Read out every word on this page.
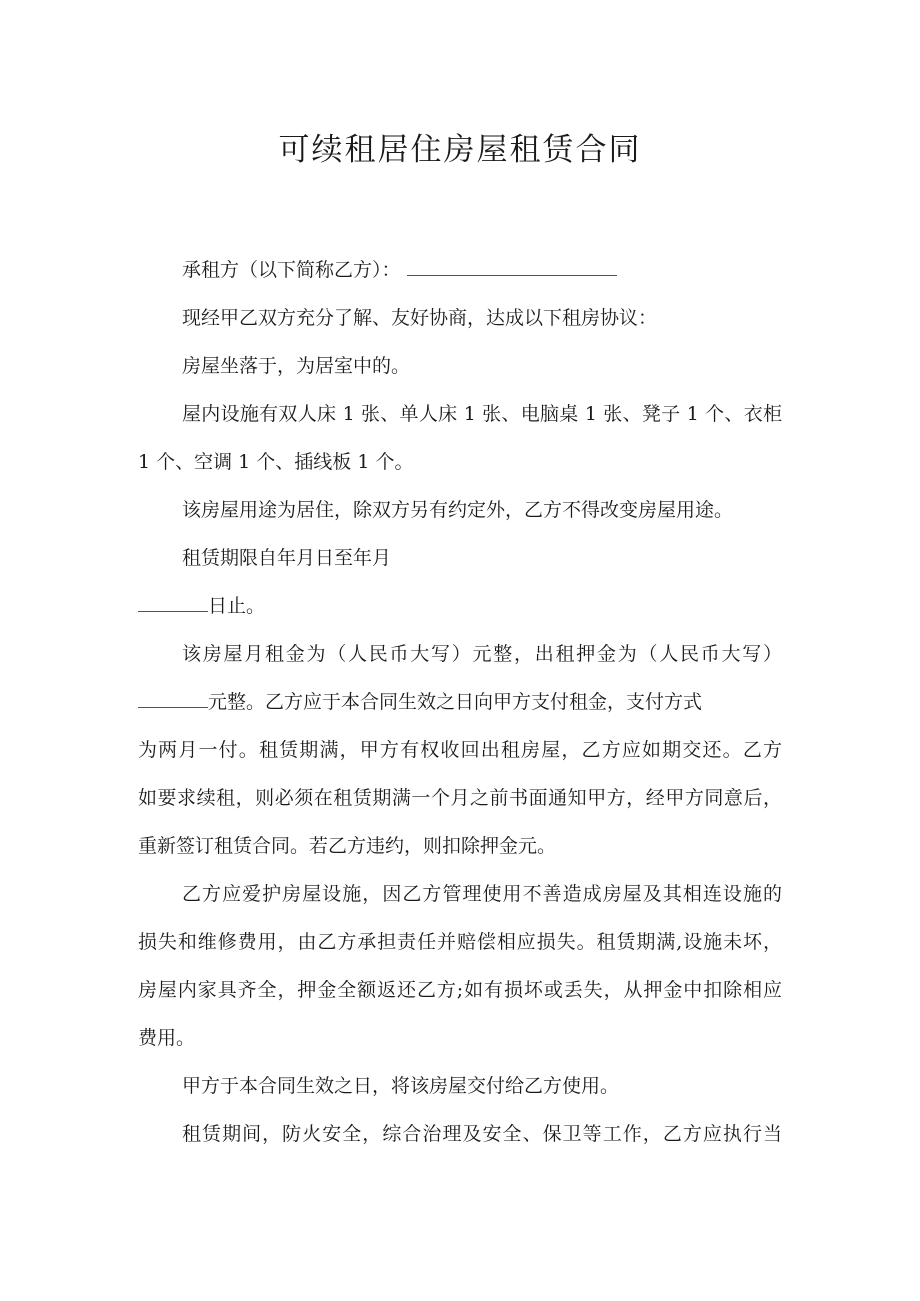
可续租居住房屋租赁合同
承租方（以下简称乙方）：
现经甲乙双方充分了解、友好协商，达成以下租房协议：
房屋坐落于，为居室中的。
屋内设施有双人床 1 张、单人床 1 张、电脑桌 1 张、凳子 1 个、衣柜
1 个、空调 1 个、插线板 1 个。
该房屋用途为居住，除双方另有约定外，乙方不得改变房屋用途。
租赁期限自年月日至年月
日止。
该房屋月租金为（人民币大写）元整，出租押金为（人民币大写）
元整。乙方应于本合同生效之日向甲方支付租金，支付方式
为两月一付。租赁期满，甲方有权收回出租房屋，乙方应如期交还。乙方
如要求续租，则必须在租赁期满一个月之前书面通知甲方，经甲方同意后，
重新签订租赁合同。若乙方违约，则扣除押金元。
乙方应爱护房屋设施，因乙方管理使用不善造成房屋及其相连设施的
损失和维修费用，由乙方承担责任并赔偿相应损失。租赁期满,设施未坏，
房屋内家具齐全，押金全额返还乙方;如有损坏或丢失，从押金中扣除相应
费用。
甲方于本合同生效之日，将该房屋交付给乙方使用。
租赁期间，防火安全，综合治理及安全、保卫等工作，乙方应执行当
